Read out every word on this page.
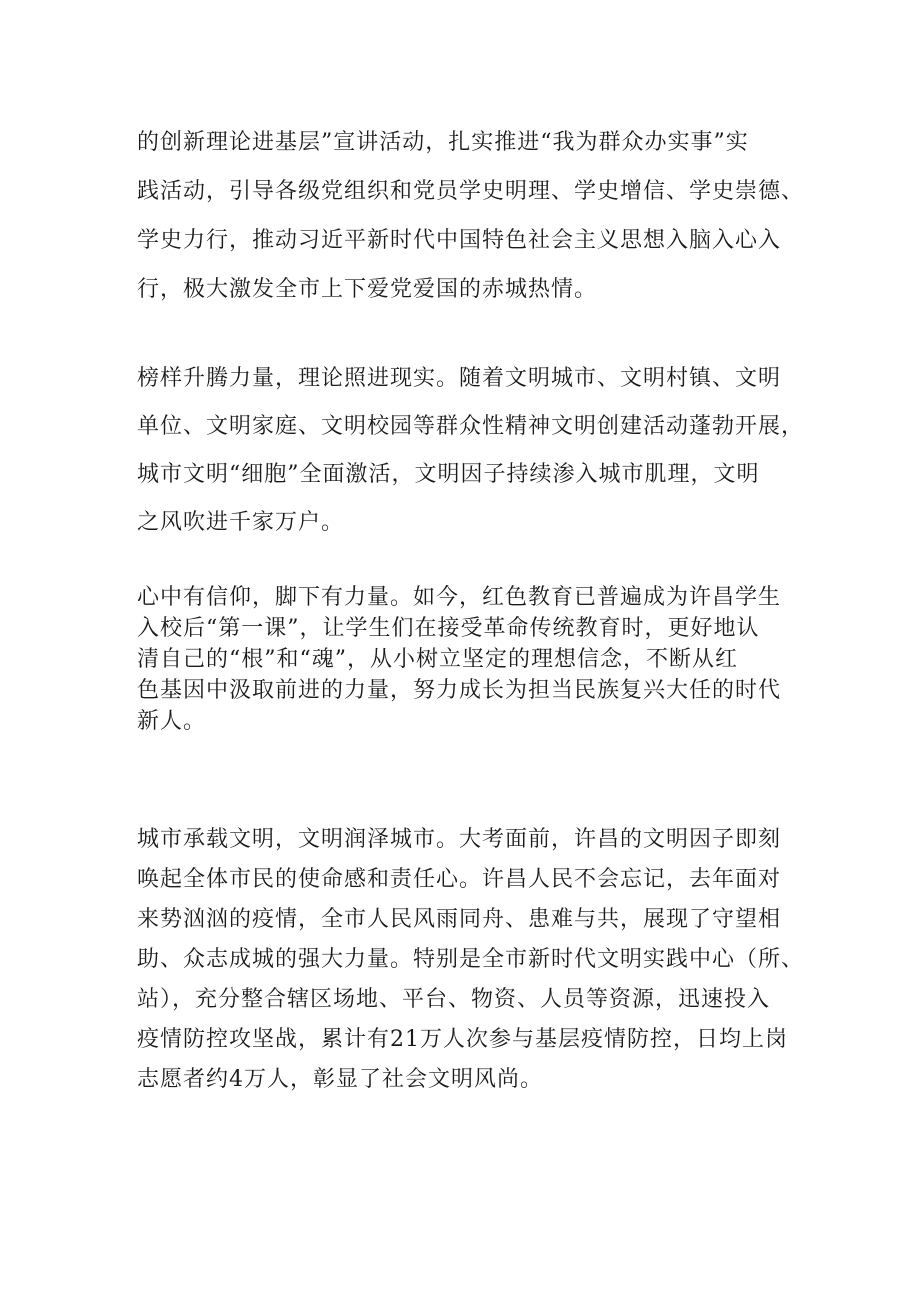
的创新理论进基层”宣讲活动，扎实推进“我为群众办实事”实
践活动，引导各级党组织和党员学史明理、学史增信、学史崇德、
学史力行，推动习近平新时代中国特色社会主义思想入脑入心入
行，极大激发全市上下爱党爱国的赤城热情。
榜样升腾力量，理论照进现实。随着文明城市、文明村镇、文明
单位、文明家庭、文明校园等群众性精神文明创建活动蓬勃开展，
城市文明“细胞”全面激活，文明因子持续渗入城市肌理，文明
之风吹进千家万户。
心中有信仰，脚下有力量。如今，红色教育已普遍成为许昌学生
入校后“第一课”，让学生们在接受革命传统教育时，更好地认
清自己的“根”和“魂”，从小树立坚定的理想信念，不断从红
色基因中汲取前进的力量，努力成长为担当民族复兴大任的时代
新人。
城市承载文明，文明润泽城市。大考面前，许昌的文明因子即刻
唤起全体市民的使命感和责任心。许昌人民不会忘记，去年面对
来势汹汹的疫情，全市人民风雨同舟、患难与共，展现了守望相
助、众志成城的强大力量。特别是全市新时代文明实践中心（所、
站），充分整合辖区场地、平台、物资、人员等资源，迅速投入
疫情防控攻坚战，累计有21万人次参与基层疫情防控，日均上岗
志愿者约4万人，彰显了社会文明风尚。
